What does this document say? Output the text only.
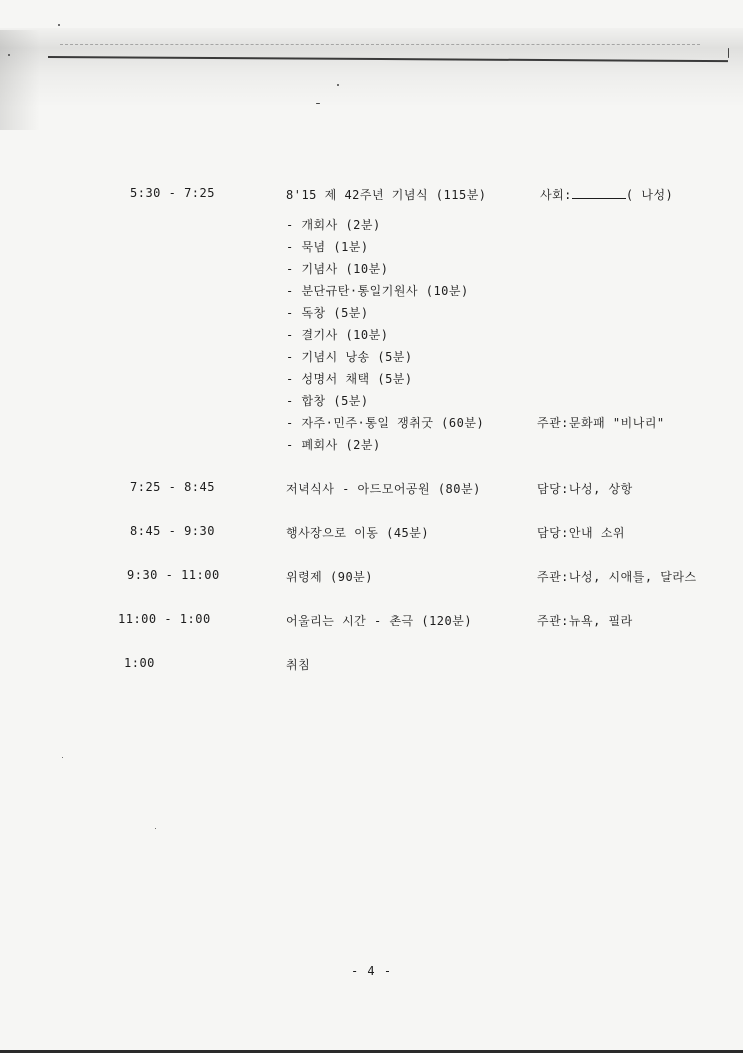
5:30 - 7:25	8'15 제 42주년 기념식 (115분)	사회:	( 나성)
- 개회사 (2분)
- 묵념 (1분)
- 기념사 (10분)
- 분단규탄·통일기원사 (10분)
- 독창 (5분)
- 결기사 (10분)
- 기념시 낭송 (5분)
- 성명서 채택 (5분)
- 합창 (5분)
- 자주·민주·통일 쟁취굿 (60분)	주관:문화패 "비나리"
- 폐회사 (2분)
7:25 - 8:45	저녁식사 - 아드모어공원 (80분)	담당:나성, 상항
8:45 - 9:30	행사장으로 이동 (45분)	담당:안내 소위
9:30 - 11:00	위령제 (90분)	주관:나성, 시애틀, 달라스
11:00 - 1:00	어울리는 시간 - 촌극 (120분)	주관:뉴욕, 필라
1:00	취침
- 4 -
